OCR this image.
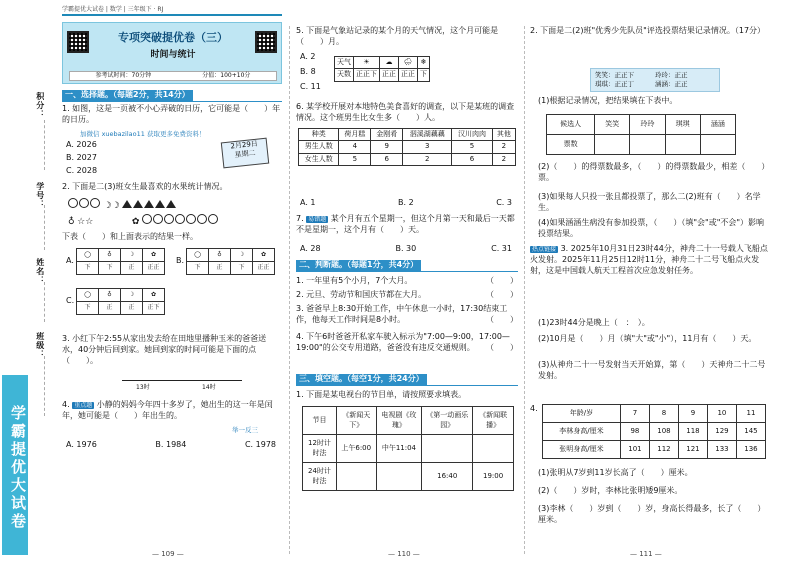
积分：
学号：
姓名：
班级：
学霸提优大试卷
学霸提优大试卷 | 数学 | 三年级下 · RJ
专项突破提优卷（三）
时间与统计
参考试时间：70分钟	分值：100+10分
一、选择题。（每题2分，共14分）
1. 如图，这是一页被不小心弄破的日历，它可能是（　　）年的日历。
加微信 xuebazilao11 获取更多免费资料！
A. 2026
B. 2027
C. 2028
2月29日
星期二
2. 下面是二(3)班女生最喜欢的水果统计情况。
☽☽
♁ ☆☆	✿
下表（　　）和上面表示的结果一样。
A.
◯	♁	☽	✿
下	下	正	正正
B.
◯	♁	☽	✿
下	正	下	正正
C.
◯	♁	☽	✿
下	正	正	正下
3. 小红下午2:55从家出发去给在田地里播种玉米的爸爸送水，40分钟后回到家。她回到家的时间可能是下面的点（　　）。
13时	14时
4. 重点题 小静的妈妈今年四十多岁了，她出生的这一年是闰年，她可能是（　　）年出生的。
A. 1976	B. 1984	C. 1978
举一反三
— 109 —
5. 下面是气象站记录的某个月的天气情况，这个月可能是（　　）月。
A. 2
B. 8
C. 11
天气	☀	☁	🌧	❄
天数	正正下	正正	正正	下
6. 某学校开展对本地特色美食喜好的调查，以下是某班的调查情况。这个班男生比女生多（　　）人。
种类	荷月糕	金刚肴	泅溪湖藕藕	汉川肉肉	其他
男生人数	4	9	3	5	2
女生人数	5	6	2	6	2
A. 1	B. 2	C. 3
7. 易错题 某个月有五个星期一，但这个月第一天和最后一天都不是星期一，这个月有（　　）天。
A. 28	B. 30	C. 31
二、判断题。（每题1分，共4分）
1. 一年里有5个小月，7个大月。	（　　）
2. 元旦、劳动节和国庆节都在大月。	（　　）
3. 爸爸早上8:30开始工作，中午休息一小时，17:30结束工作，他每天工作时间是8小时。	（　　）
4. 下午6时爸爸开私家车驶入标示为"7:00—9:00，17:00—19:00"的公交专用道路，爸爸没有违反交通规则。 （　　）
三、填空题。（每空1分，共24分）
1. 下面是某电视台的节目单，请按照要求填表。
节目	《新闻天下》	电视剧《玫瑰》	《第一动画乐园》	《新闻联播》
12时计时法	上午6:00	中午11:04		
24时计时法			16:40	19:00
— 110 —
2. 下面是二(2)班"优秀少先队员"评选投票结果记录情况。（17分）
笑笑：正正下	玲玲：正正
琪琪：正正丁	涵涵：正正
(1)根据记录情况，把结果填在下表中。
候选人	笑笑	玲玲	琪琪	涵涵
票数				
(2)（　　）的得票数最多，（　　）的得票数最少，相差（　　）票。
(3)如果每人只投一张且都投票了，那么二(2)班有（　　）名学生。
(4)如果涵涵生病没有参加投票，（　　）（填"会"或"不会"）影响投票结果。
热点链接 3. 2025年10月31日23时44分，神舟二十一号载人飞船点火发射。2025年11月25日12时11分，神舟二十二号飞船点火发射，这是中国载人航天工程首次应急发射任务。
(1)23时44分是晚上（　：　）。
(2)10月是（　　）月（填"大"或"小"），11月有（　　）天。
(3)从神舟二十一号发射当天开始算，第（　　）天神舟二十二号发射。
4.	年龄/岁	7	8	9	10	11
李林身高/厘米	98	108	118	129	145
张明身高/厘米	101	112	121	133	136
(1)张明从7岁到11岁长高了（　　）厘米。
(2)（　　）岁时，李林比张明矮9厘米。
(3)李林（　　）岁到（　　）岁，身高长得最多，长了（　　）厘米。
— 111 —
